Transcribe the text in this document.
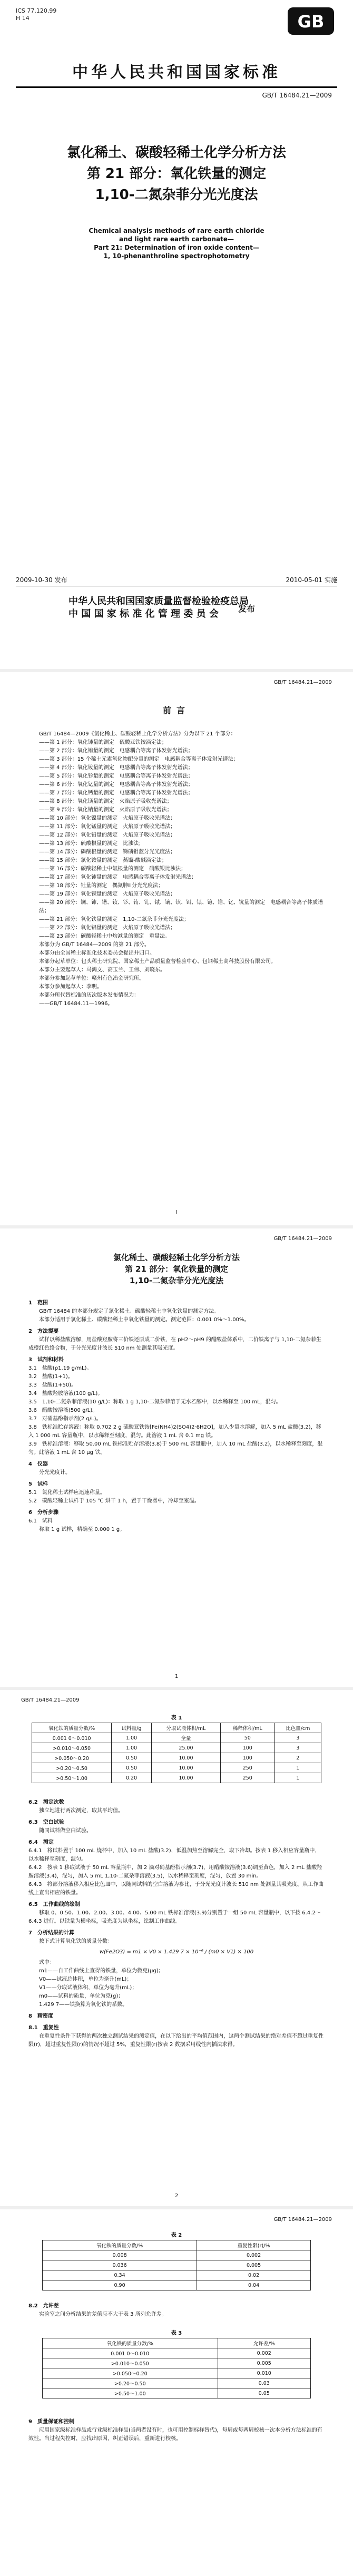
ICS 77.120.99
H 14	GB
中华人民共和国国家标准
GB/T 16484.21—2009
氯化稀土、碳酸轻稀土化学分析方法
第 21 部分：氧化铁量的测定
1,10-二氮杂菲分光光度法
Chemical analysis methods of rare earth chloride
and light rare earth carbonate—
Part 21: Determination of iron oxide content—
1, 10-phenanthroline spectrophotometry
2009-10-30 发布	2010-05-01 实施
中华人民共和国国家质量监督检验检疫总局
中 国 国 家 标 准 化 管 理 委 员 会	发布
GB/T 16484.21—2009
前言

GB/T 16484—2009《氯化稀土、碳酸轻稀土化学分析方法》分为以下 21 个部分：

——第 1 部分：氧化铈量的测定　硫酸亚铁铵滴定法；

——第 2 部分：氧化铕量的测定　电感耦合等离子体发射光谱法；

——第 3 部分：15 个稀土元素氧化物配分量的测定　电感耦合等离子体发射光谱法；

——第 4 部分：氧化钕量的测定　电感耦合等离子体发射光谱法；

——第 5 部分：氧化钐量的测定　电感耦合等离子体发射光谱法；

——第 6 部分：氧化钇量的测定　电感耦合等离子体发射光谱法；

——第 7 部分：氧化钙量的测定　电感耦合等离子体发射光谱法；

——第 8 部分：氧化镁量的测定　火焰原子吸收光谱法；

——第 9 部分：氧化钠量的测定　火焰原子吸收光谱法；

——第 10 部分：氧化镍量的测定　火焰原子吸收光谱法；

——第 11 部分：氧化锰量的测定　火焰原子吸收光谱法；

——第 12 部分：氧化铅量的测定　火焰原子吸收光谱法；

——第 13 部分：硫酸根量的测定　比浊法；

——第 14 部分：磷酸根量的测定　锑磷钼蓝分光光度法；

——第 15 部分：氯化铵量的测定　蒸馏-酸碱滴定法；

——第 16 部分：碳酸轻稀土中氯根量的测定　硝酸银比浊法；

——第 17 部分：氧化铈量的测定　电感耦合等离子体发射光谱法；

——第 18 部分：钍量的测定　偶氮胂Ⅲ分光光度法；

——第 19 部分：氧化钡量的测定　火焰原子吸收光谱法；

——第 20 部分：镧、铈、镨、钕、钐、铕、钆、铽、镝、钬、铒、铥、镱、镥、钇、钪量的测定　电感耦合等离子体质谱法；

——第 21 部分：氧化铁量的测定　1,10-二氮杂菲分光光度法；

——第 22 部分：氧化铝量的测定　火焰原子吸收光谱法；

——第 23 部分：碳酸轻稀土中灼减量的测定　重量法。

本部分为 GB/T 16484—2009 的第 21 部分。

本部分由全国稀土标准化技术委员会提出并归口。

本部分起草单位：包头稀土研究院、国家稀土产品质量监督检验中心、包钢稀土高科技股份有限公司。

本部分主要起草人：马鸿文、高玉兰、王伟、刘晓东。

本部分参加起草单位：赣州有色冶金研究所。

本部分参加起草人：李明。

本部分所代替标准的历次版本发布情况为：

——GB/T 16484.11—1996。

Ⅰ
GB/T 16484.21—2009
氯化稀土、碳酸轻稀土化学分析方法
第 21 部分：氧化铁量的测定
1,10-二氮杂菲分光光度法

1　范围

GB/T 16484 的本部分规定了氯化稀土、碳酸轻稀土中氧化铁量的测定方法。

本部分适用于氯化稀土、碳酸轻稀土中氧化铁量的测定。测定范围：0.001 0%～1.00%。

2　方法提要

试样以稀盐酸溶解，用盐酸羟胺将三价铁还原成二价铁，在 pH2～pH9 的醋酸盐体系中，二价铁离子与 1,10-二氮杂菲生成橙红色络合物，于分光光度计波长 510 nm 处测量其吸光度。

3　试剂和材料

3.1　盐酸(ρ1.19 g/mL)。

3.2　盐酸(1+1)。

3.3　盐酸(1+50)。

3.4　盐酸羟胺溶液(100 g/L)。

3.5　1,10-二氮杂菲溶液(10 g/L)：称取 1 g 1,10-二氮杂菲溶于无水乙醇中，以水稀释至 100 mL，混匀。

3.6　醋酸铵溶液(500 g/L)。

3.7　对硝基酚指示剂(2 g/L)。

3.8　铁标准贮存溶液：称取 0.702 2 g 硫酸亚铁铵[Fe(NH4)2(SO4)2·6H2O]，加入少量水溶解，加入 5 mL 盐酸(3.2)，移入 1 000 mL 容量瓶中，以水稀释至刻度，混匀。此溶液 1 mL 含 0.1 mg 铁。

3.9　铁标准溶液：移取 50.00 mL 铁标准贮存溶液(3.8)于 500 mL 容量瓶中，加入 10 mL 盐酸(3.2)，以水稀释至刻度，混匀。此溶液 1 mL 含 10 μg 铁。

4　仪器

分光光度计。

5　试样

5.1　氯化稀土试样应迅速称量。

5.2　碳酸轻稀土试样于 105 ℃ 烘干 1 h，置于干燥器中，冷却至室温。

6　分析步骤

6.1　试料

称取 1 g 试样，精确至 0.000 1 g。

1
GB/T 16484.21—2009
表 1
氧化铁的质量分数/%	试料量/g	分取试液体积/mL	稀释体积/mL	比色皿/cm
0.001 0～0.010	1.00	全量	50	3
>0.010～0.050	1.00	25.00	100	3
>0.050～0.20	0.50	10.00	100	2
>0.20～0.50	0.50	10.00	250	1
>0.50～1.00	0.20	10.00	250	1

6.2　测定次数

独立地进行两次测定，取其平均值。

6.3　空白试验

随同试料做空白试验。

6.4　测定

6.4.1　将试料置于 100 mL 烧杯中，加入 10 mL 盐酸(3.2)，低温加热至溶解完全，取下冷却。按表 1 移入相应容量瓶中，以水稀释至刻度，混匀。

6.4.2　按表 1 移取试液于 50 mL 容量瓶中，加 2 滴对硝基酚指示剂(3.7)，用醋酸铵溶液(3.6)调至黄色，加入 2 mL 盐酸羟胺溶液(3.4)，混匀，加入 5 mL 1,10-二氮杂菲溶液(3.5)，以水稀释至刻度，混匀，放置 30 min。

6.4.3　将部分溶液移入相应比色皿中，以随同试料的空白溶液为参比，于分光光度计波长 510 nm 处测量其吸光度。从工作曲线上查出相应的铁量。

6.5　工作曲线的绘制

移取 0、0.50、1.00、2.00、3.00、4.00、5.00 mL 铁标准溶液(3.9)分别置于一组 50 mL 容量瓶中，以下按 6.4.2～6.4.3 进行。以铁量为横坐标，吸光度为纵坐标，绘制工作曲线。

7　分析结果的计算

按下式计算氧化铁的质量分数：

w(Fe2O3) = m1 × V0 × 1.429 7 × 10⁻⁶ / (m0 × V1) × 100

式中：

m1——自工作曲线上查得的铁量，单位为微克(μg)；

V0——试液总体积，单位为毫升(mL)；

V1——分取试液体积，单位为毫升(mL)；

m0——试料的质量，单位为克(g)；

1.429 7——铁换算为氧化铁的系数。

8　精密度

8.1　重复性

在重复性条件下获得的两次独立测试结果的测定值，在以下给出的平均值范围内，这两个测试结果的绝对差值不超过重复性限(r)，超过重复性限(r)的情况不超过 5%，重复性限(r)按表 2 数据采用线性内插法求得。

2
GB/T 16484.21—2009
表 2
氧化铁的质量分数/%	重复性限(r)/%
0.008	0.002
0.036	0.005
0.34	0.02
0.90	0.04

8.2　允许差

实验室之间分析结果的差值应不大于表 3 所列允许差。

表 3
氧化铁的质量分数/%	允许差/%
0.001 0～0.010	0.002
>0.010～0.050	0.005
>0.050～0.20	0.010
>0.20～0.50	0.03
>0.50～1.00	0.05

9　质量保证和控制

应用国家级标准样品或行业级标准样品(当两者没有时，也可用控制标样替代)，每周或每两周校核一次本分析方法标准的有效性。当过程失控时，应找出原因，纠正错误后，重新进行校核。
